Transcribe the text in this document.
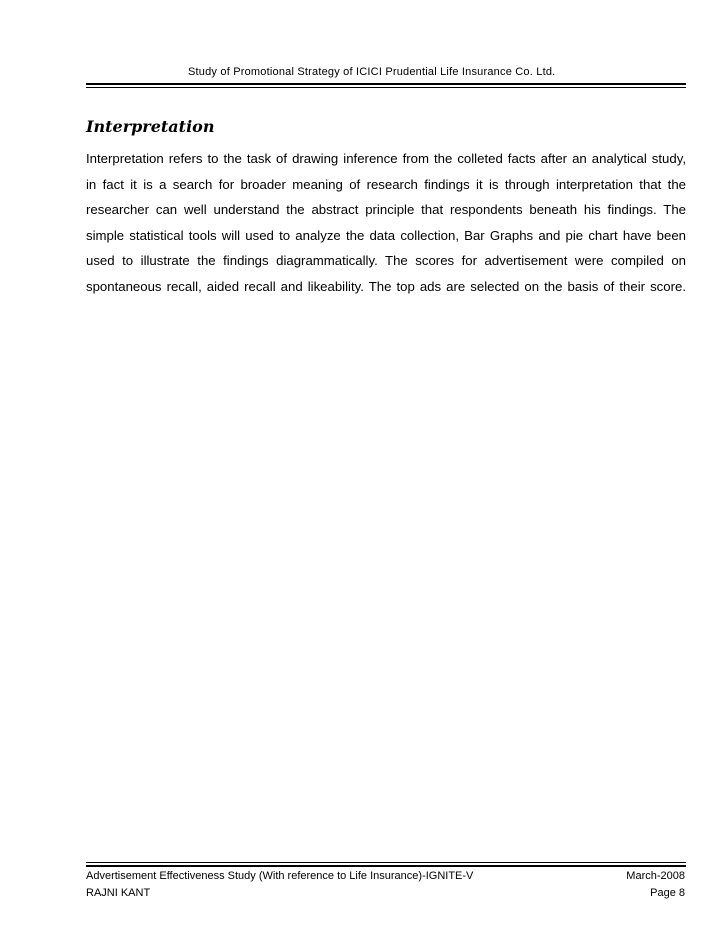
Study of Promotional Strategy of ICICI Prudential Life Insurance Co. Ltd.
Interpretation

Interpretation refers to the task of drawing inference from the colleted facts after an analytical study, in fact it is a search for broader meaning of research findings it is through interpretation that the researcher can well understand the abstract principle that respondents beneath his findings. The simple statistical tools will used to analyze the data collection, Bar Graphs and pie chart have been used to illustrate the findings diagrammatically. The scores for advertisement were compiled on spontaneous recall, aided recall and likeability. The top ads are selected on the basis of their score.

Advertisement Effectiveness Study (With reference to Life Insurance)-IGNITE-V	March-2008
RAJNI KANT	Page 8
